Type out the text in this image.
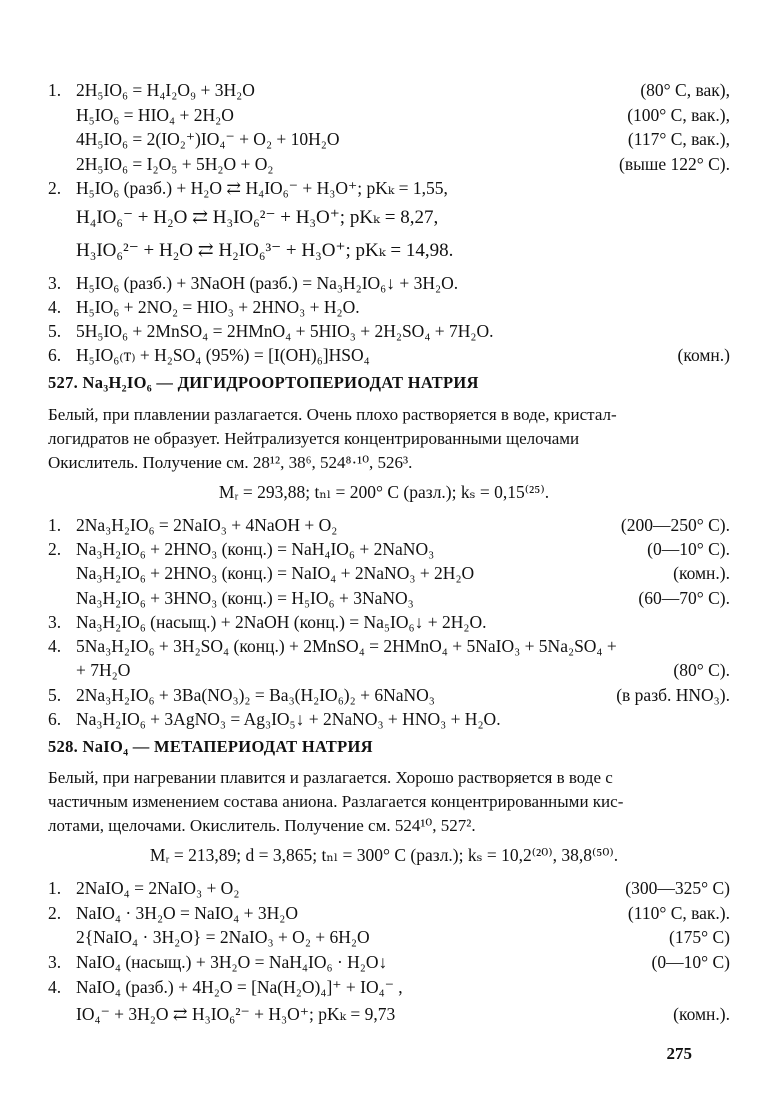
1. 2H₅IO₆ = H₄I₂O₉ + 3H₂O	(80° C, вак),
H₅IO₆ = HIO₄ + 2H₂O	(100° C, вак.),
4H₅IO₆ = 2(IO₂⁺)IO₄⁻ + O₂ + 10H₂O	(117° C, вак.),
2H₅IO₆ = I₂O₅ + 5H₂O + O₂	(выше 122° C).
2. H₅IO₆ (разб.) + H₂O ⇄ H₄IO₆⁻ + H₃O⁺; pKₖ = 1,55,
H₄IO₆⁻ + H₂O ⇄ H₃IO₆²⁻ + H₃O⁺; pKₖ = 8,27,
H₃IO₆²⁻ + H₂O ⇄ H₂IO₆³⁻ + H₃O⁺; pKₖ = 14,98.
3. H₅IO₆ (разб.) + 3NaOH (разб.) = Na₃H₂IO₆↓ + 3H₂O.
4. H₅IO₆ + 2NO₂ = HIO₃ + 2HNO₃ + H₂O.
5. 5H₅IO₆ + 2MnSO₄ = 2HMnO₄ + 5HIO₃ + 2H₂SO₄ + 7H₂O.
6. H₅IO₆₍т₎ + H₂SO₄ (95%) = [I(OH)₆]HSO₄	(комн.)
527. Na₃H₂IO₆ — ДИГИДРООРТОПЕРИОДАТ НАТРИЯ
Белый, при плавлении разлагается. Очень плохо растворяется в воде, кристал-
логидратов не образует. Нейтрализуется концентрированными щелочами
Окислитель. Получение см. 28¹², 38⁶, 524⁸·¹⁰, 526³.
Mᵣ = 293,88; tₙₗ = 200° C (разл.); kₛ = 0,15⁽²⁵⁾.
1. 2Na₃H₂IO₆ = 2NaIO₃ + 4NaOH + O₂	(200—250° C).
2. Na₃H₂IO₆ + 2HNO₃ (конц.) = NaH₄IO₆ + 2NaNO₃	(0—10° C).
Na₃H₂IO₆ + 2HNO₃ (конц.) = NaIO₄ + 2NaNO₃ + 2H₂O	(комн.).
Na₃H₂IO₆ + 3HNO₃ (конц.) = H₅IO₆ + 3NaNO₃	(60—70° C).
3. Na₃H₂IO₆ (насыщ.) + 2NaOH (конц.) = Na₅IO₆↓ + 2H₂O.
4. 5Na₃H₂IO₆ + 3H₂SO₄ (конц.) + 2MnSO₄ = 2HMnO₄ + 5NaIO₃ + 5Na₂SO₄ +
+ 7H₂O	(80° C).
5. 2Na₃H₂IO₆ + 3Ba(NO₃)₂ = Ba₃(H₂IO₆)₂ + 6NaNO₃	(в разб. HNO₃).
6. Na₃H₂IO₆ + 3AgNO₃ = Ag₃IO₅↓ + 2NaNO₃ + HNO₃ + H₂O.
528. NaIO₄ — МЕТАПЕРИОДАТ НАТРИЯ
Белый, при нагревании плавится и разлагается. Хорошо растворяется в воде с
частичным изменением состава аниона. Разлагается концентрированными кис-
лотами, щелочами. Окислитель. Получение см. 524¹⁰, 527².
Mᵣ = 213,89; d = 3,865; tₙₗ = 300° C (разл.); kₛ = 10,2⁽²⁰⁾, 38,8⁽⁵⁰⁾.
1. 2NaIO₄ = 2NaIO₃ + O₂	(300—325° C)
2. NaIO₄ · 3H₂O = NaIO₄ + 3H₂O	(110° C, вак.).
2{NaIO₄ · 3H₂O} = 2NaIO₃ + O₂ + 6H₂O	(175° C)
3. NaIO₄ (насыщ.) + 3H₂O = NaH₄IO₆ · H₂O↓	(0—10° C)
4. NaIO₄ (разб.) + 4H₂O = [Na(H₂O)₄]⁺ + IO₄⁻ ,
IO₄⁻ + 3H₂O ⇄ H₃IO₆²⁻ + H₃O⁺; pKₖ = 9,73	(комн.).
275
